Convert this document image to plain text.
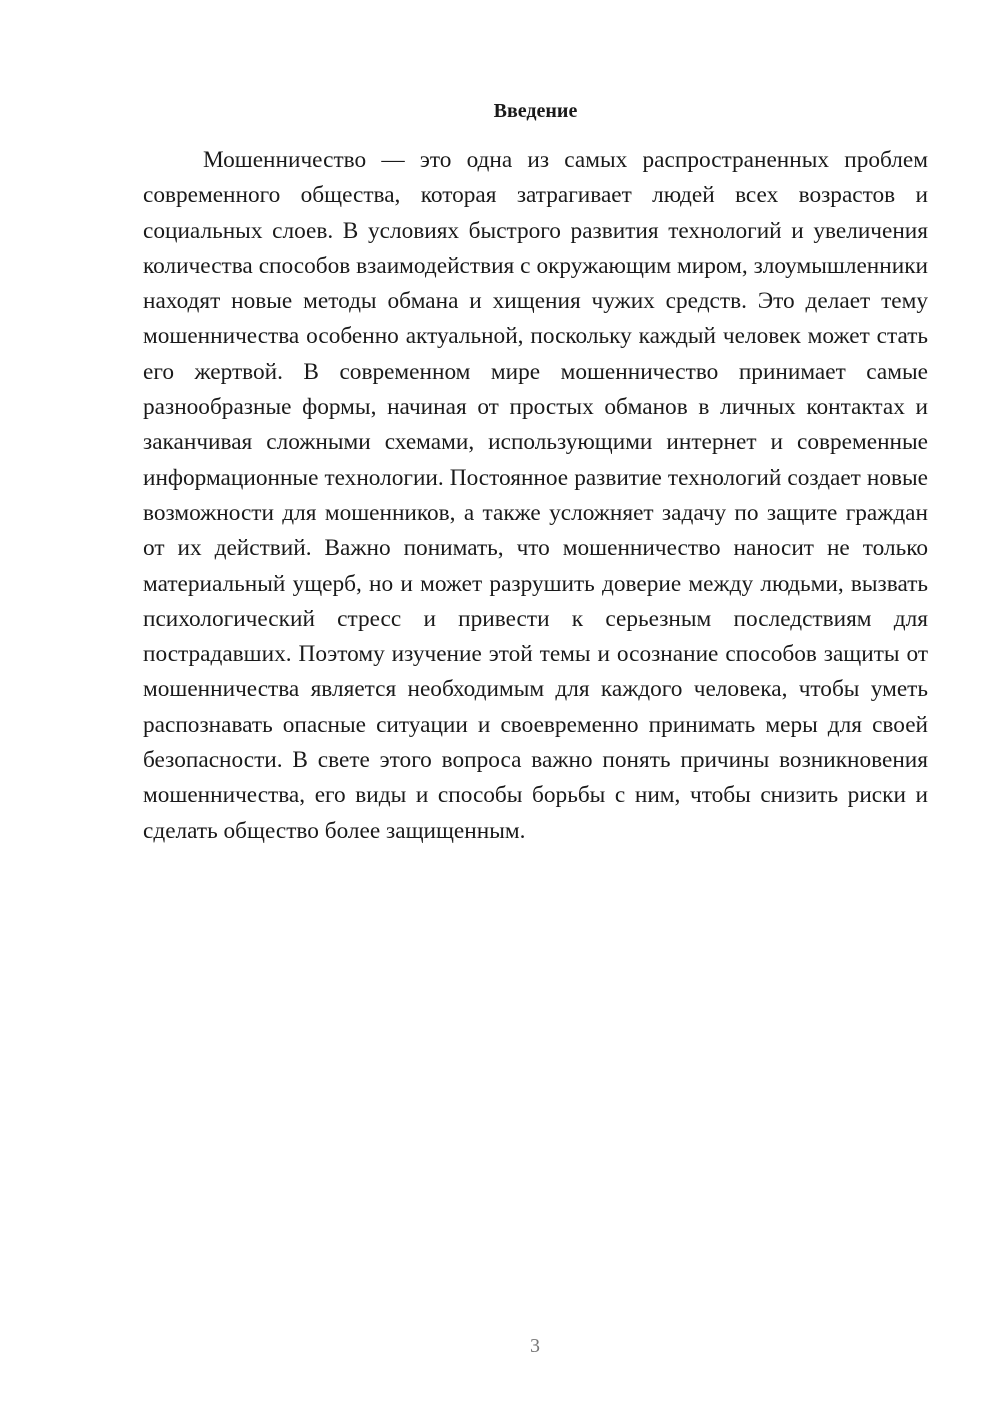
Введение

Мошенничество — это одна из самых распространенных проблем современного общества, которая затрагивает людей всех возрастов и социальных слоев. В условиях быстрого развития технологий и увеличения количества способов взаимодействия с окружающим миром, злоумышленники находят новые методы обмана и хищения чужих средств. Это делает тему мошенничества особенно актуальной, поскольку каждый человек может стать его жертвой. В современном мире мошенничество принимает самые разнообразные формы, начиная от простых обманов в личных контактах и заканчивая сложными схемами, использующими интернет и современные информационные технологии. Постоянное развитие технологий создает новые возможности для мошенников, а также усложняет задачу по защите граждан от их действий. Важно понимать, что мошенничество наносит не только материальный ущерб, но и может разрушить доверие между людьми, вызвать психологический стресс и привести к серьезным последствиям для пострадавших. Поэтому изучение этой темы и осознание способов защиты от мошенничества является необходимым для каждого человека, чтобы уметь распознавать опасные ситуации и своевременно принимать меры для своей безопасности. В свете этого вопроса важно понять причины возникновения мошенничества, его виды и способы борьбы с ним, чтобы снизить риски и сделать общество более защищенным.

3
